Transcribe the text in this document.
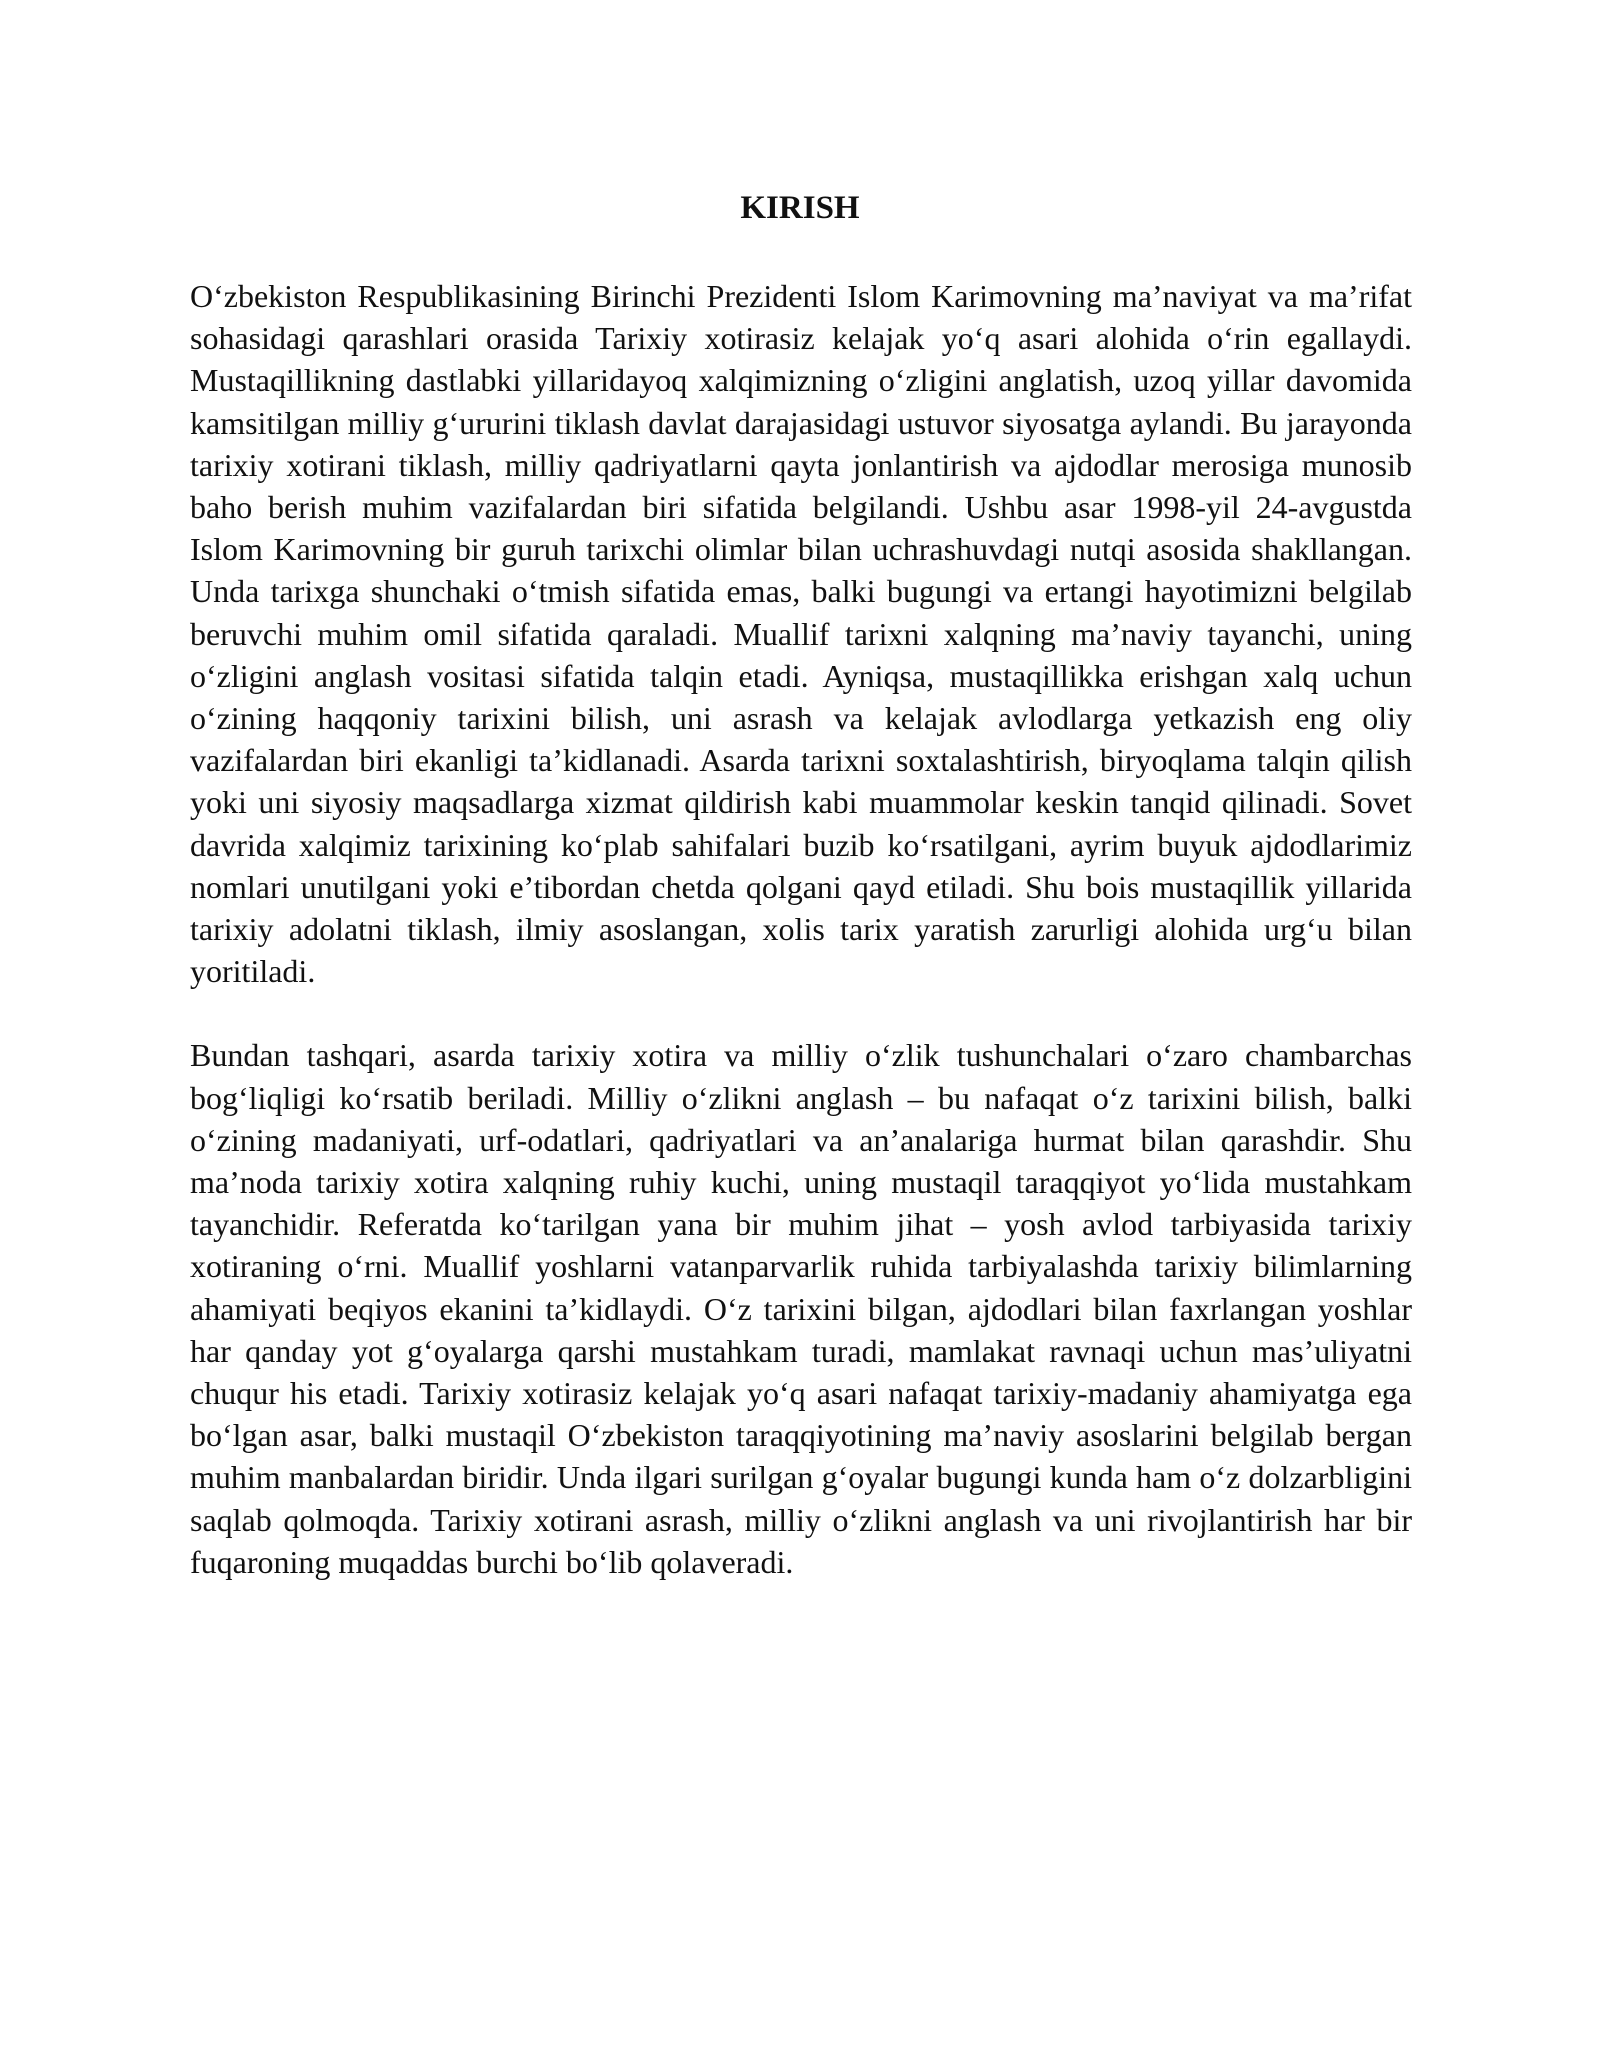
KIRISH

O‘zbekiston Respublikasining Birinchi Prezidenti Islom Karimovning ma’naviyat va ma’rifat sohasidagi qarashlari orasida Tarixiy xotirasiz kelajak yo‘q asari alohida o‘rin egallaydi. Mustaqillikning dastlabki yillaridayoq xalqimizning o‘zligini anglatish, uzoq yillar davomida kamsitilgan milliy g‘ururini tiklash davlat darajasidagi ustuvor siyosatga aylandi. Bu jarayonda tarixiy xotirani tiklash, milliy qadriyatlarni qayta jonlantirish va ajdodlar merosiga munosib baho berish muhim vazifalardan biri sifatida belgilandi. Ushbu asar 1998-yil 24-avgustda Islom Karimovning bir guruh tarixchi olimlar bilan uchrashuvdagi nutqi asosida shakllangan. Unda tarixga shunchaki o‘tmish sifatida emas, balki bugungi va ertangi hayotimizni belgilab beruvchi muhim omil sifatida qaraladi. Muallif tarixni xalqning ma’naviy tayanchi, uning o‘zligini anglash vositasi sifatida talqin etadi. Ayniqsa, mustaqillikka erishgan xalq uchun o‘zining haqqoniy tarixini bilish, uni asrash va kelajak avlodlarga yetkazish eng oliy vazifalardan biri ekanligi ta’kidlanadi. Asarda tarixni soxtalashtirish, biryoqlama talqin qilish yoki uni siyosiy maqsadlarga xizmat qildirish kabi muammolar keskin tanqid qilinadi. Sovet davrida xalqimiz tarixining ko‘plab sahifalari buzib ko‘rsatilgani, ayrim buyuk ajdodlarimiz nomlari unutilgani yoki e’tibordan chetda qolgani qayd etiladi. Shu bois mustaqillik yillarida tarixiy adolatni tiklash, ilmiy asoslangan, xolis tarix yaratish zarurligi alohida urg‘u bilan yoritiladi.

Bundan tashqari, asarda tarixiy xotira va milliy o‘zlik tushunchalari o‘zaro chambarchas bog‘liqligi ko‘rsatib beriladi. Milliy o‘zlikni anglash – bu nafaqat o‘z tarixini bilish, balki o‘zining madaniyati, urf-odatlari, qadriyatlari va an’analariga hurmat bilan qarashdir. Shu ma’noda tarixiy xotira xalqning ruhiy kuchi, uning mustaqil taraqqiyot yo‘lida mustahkam tayanchidir. Referatda ko‘tarilgan yana bir muhim jihat – yosh avlod tarbiyasida tarixiy xotiraning o‘rni. Muallif yoshlarni vatanparvarlik ruhida tarbiyalashda tarixiy bilimlarning ahamiyati beqiyos ekanini ta’kidlaydi. O‘z tarixini bilgan, ajdodlari bilan faxrlangan yoshlar har qanday yot g‘oyalarga qarshi mustahkam turadi, mamlakat ravnaqi uchun mas’uliyatni chuqur his etadi. Tarixiy xotirasiz kelajak yo‘q asari nafaqat tarixiy-madaniy ahamiyatga ega bo‘lgan asar, balki mustaqil O‘zbekiston taraqqiyotining ma’naviy asoslarini belgilab bergan muhim manbalardan biridir. Unda ilgari surilgan g‘oyalar bugungi kunda ham o‘z dolzarbligini saqlab qolmoqda. Tarixiy xotirani asrash, milliy o‘zlikni anglash va uni rivojlantirish har bir fuqaroning muqaddas burchi bo‘lib qolaveradi.
